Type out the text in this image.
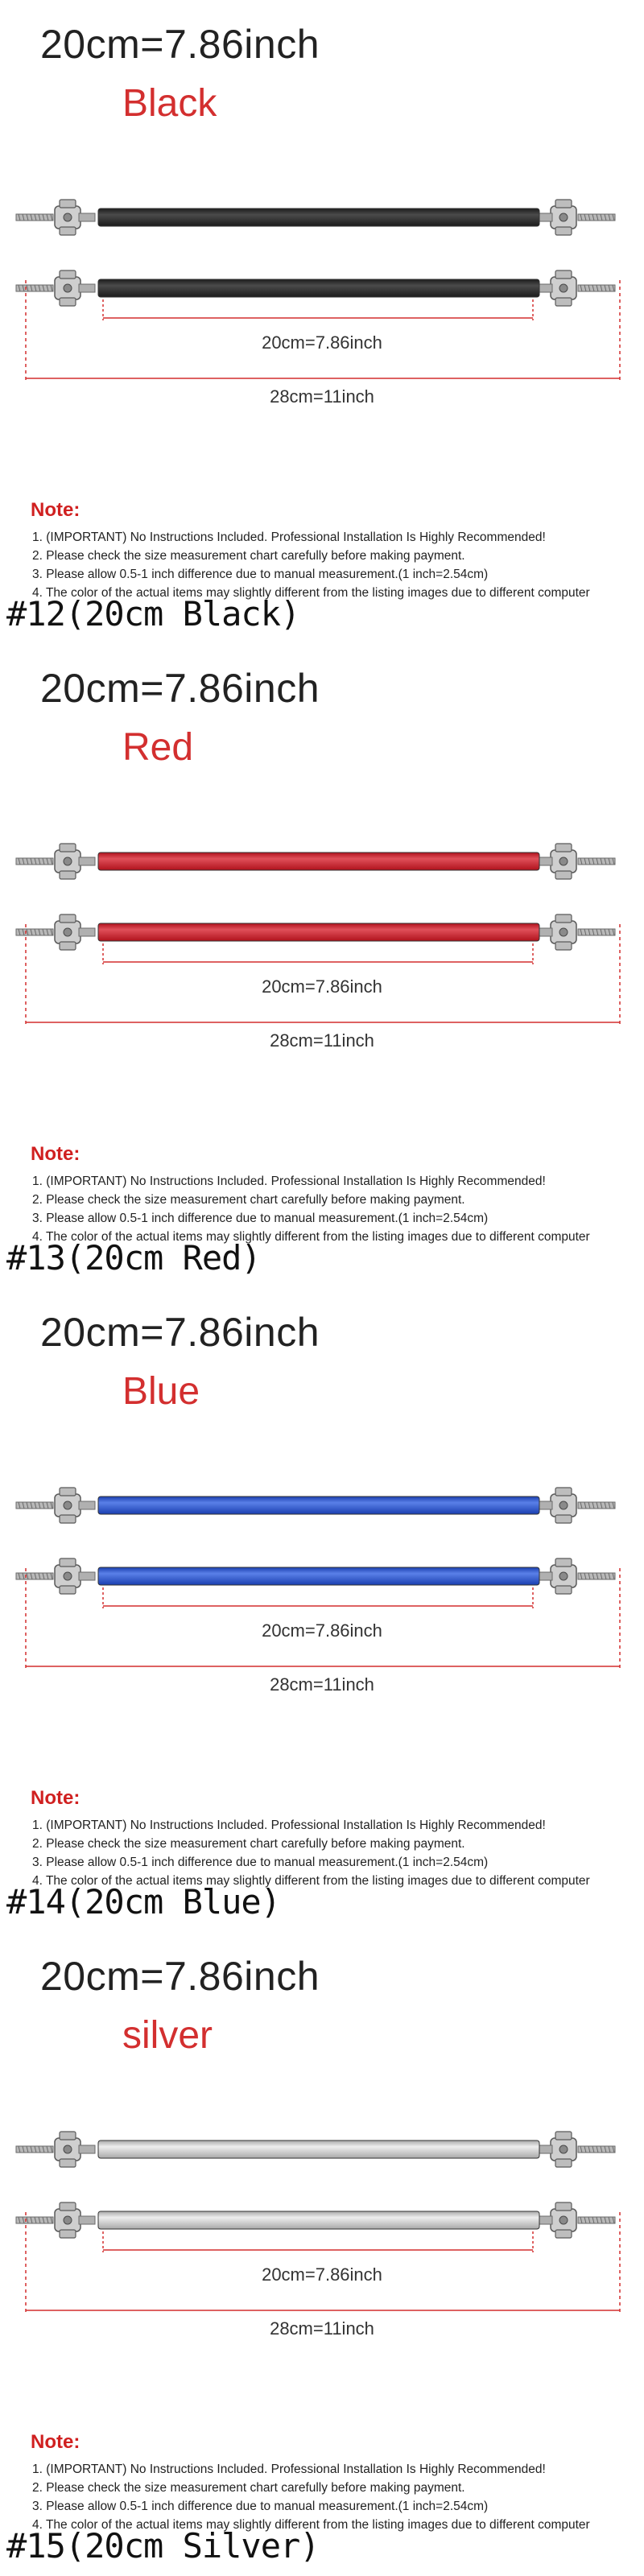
20cm=7.86inch
Black
20cm=7.86inch
28cm=11inch
Note:
1. (IMPORTANT) No Instructions Included. Professional Installation Is Highly Recommended!
2. Please check the size measurement chart carefully before making payment.
3. Please allow 0.5-1 inch difference due to manual measurement.(1 inch=2.54cm)
4. The color of the actual items may slightly different from the listing images due to different computer
#12(20cm Black)
20cm=7.86inch
Red
20cm=7.86inch
28cm=11inch
Note:
1. (IMPORTANT) No Instructions Included. Professional Installation Is Highly Recommended!
2. Please check the size measurement chart carefully before making payment.
3. Please allow 0.5-1 inch difference due to manual measurement.(1 inch=2.54cm)
4. The color of the actual items may slightly different from the listing images due to different computer
#13(20cm Red)
20cm=7.86inch
Blue
20cm=7.86inch
28cm=11inch
Note:
1. (IMPORTANT) No Instructions Included. Professional Installation Is Highly Recommended!
2. Please check the size measurement chart carefully before making payment.
3. Please allow 0.5-1 inch difference due to manual measurement.(1 inch=2.54cm)
4. The color of the actual items may slightly different from the listing images due to different computer
#14(20cm Blue)
20cm=7.86inch
silver
20cm=7.86inch
28cm=11inch
Note:
1. (IMPORTANT) No Instructions Included. Professional Installation Is Highly Recommended!
2. Please check the size measurement chart carefully before making payment.
3. Please allow 0.5-1 inch difference due to manual measurement.(1 inch=2.54cm)
4. The color of the actual items may slightly different from the listing images due to different computer
#15(20cm Silver)
